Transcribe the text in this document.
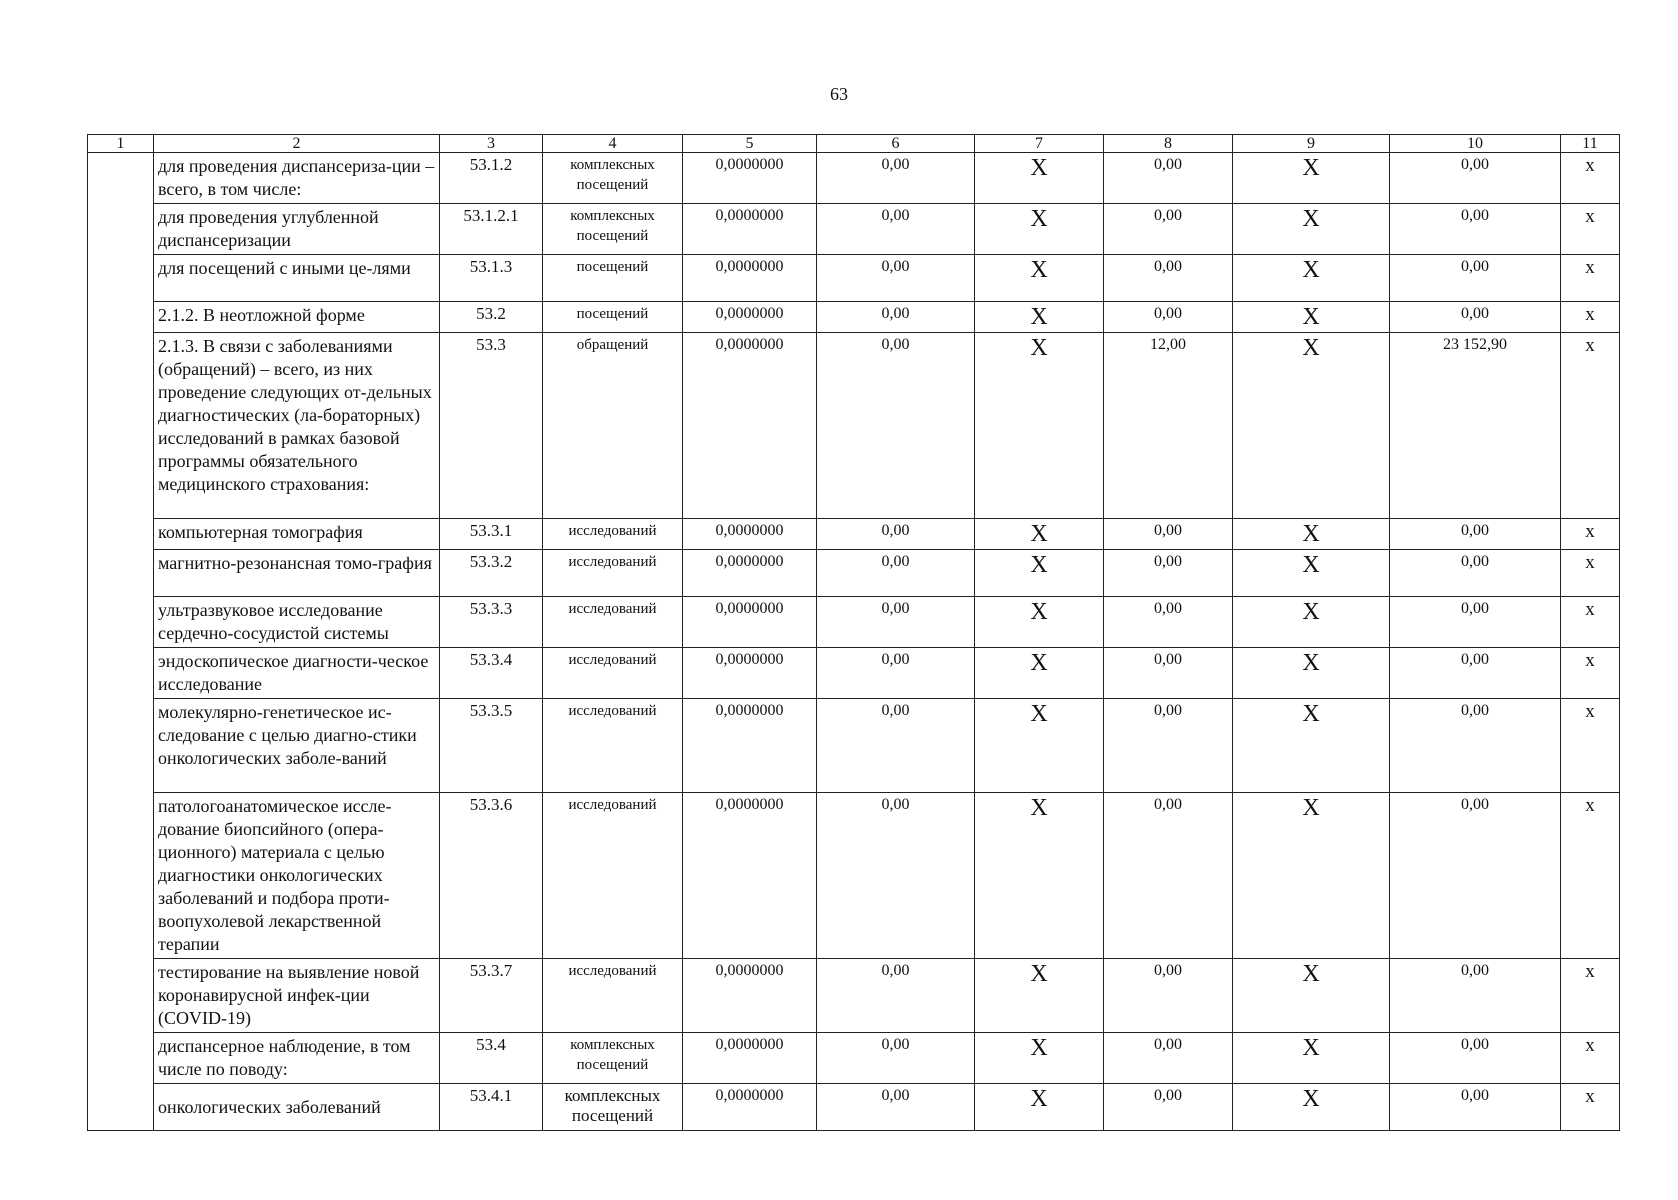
63
1	2	3	4	5	6	7	8	9	10	11
	для проведения диспансериза-ции – всего, в том числе:	53.1.2	комплексных посещений	0,0000000	0,00	X	0,00	X	0,00	x
	для проведения углубленной диспансеризации	53.1.2.1	комплексных посещений	0,0000000	0,00	X	0,00	X	0,00	x
	для посещений с иными це-лями	53.1.3	посещений	0,0000000	0,00	X	0,00	X	0,00	x
	2.1.2. В неотложной форме	53.2	посещений	0,0000000	0,00	X	0,00	X	0,00	x
	2.1.3. В связи с заболеваниями (обращений) – всего, из них проведение следующих от-дельных диагностических (ла-бораторных) исследований в рамках базовой программы обязательного медицинского страхования:	53.3	обращений	0,0000000	0,00	X	12,00	X	23 152,90	x
	компьютерная томография	53.3.1	исследований	0,0000000	0,00	X	0,00	X	0,00	x
	магнитно-резонансная томо-графия	53.3.2	исследований	0,0000000	0,00	X	0,00	X	0,00	x
	ультразвуковое исследование сердечно-сосудистой системы	53.3.3	исследований	0,0000000	0,00	X	0,00	X	0,00	x
	эндоскопическое диагности-ческое исследование	53.3.4	исследований	0,0000000	0,00	X	0,00	X	0,00	x
	молекулярно-генетическое ис-следование с целью диагно-стики онкологических заболе-ваний	53.3.5	исследований	0,0000000	0,00	X	0,00	X	0,00	x
	патологоанатомическое иссле-дование биопсийного (опера-ционного) материала с целью диагностики онкологических заболеваний и подбора проти-воопухолевой лекарственной терапии	53.3.6	исследований	0,0000000	0,00	X	0,00	X	0,00	x
	тестирование на выявление новой коронавирусной инфек-ции (COVID-19)	53.3.7	исследований	0,0000000	0,00	X	0,00	X	0,00	x
	диспансерное наблюдение, в том числе по поводу:	53.4	комплексных посещений	0,0000000	0,00	X	0,00	X	0,00	x
	онкологических заболеваний	53.4.1	комплексных посещений	0,0000000	0,00	X	0,00	X	0,00	x
